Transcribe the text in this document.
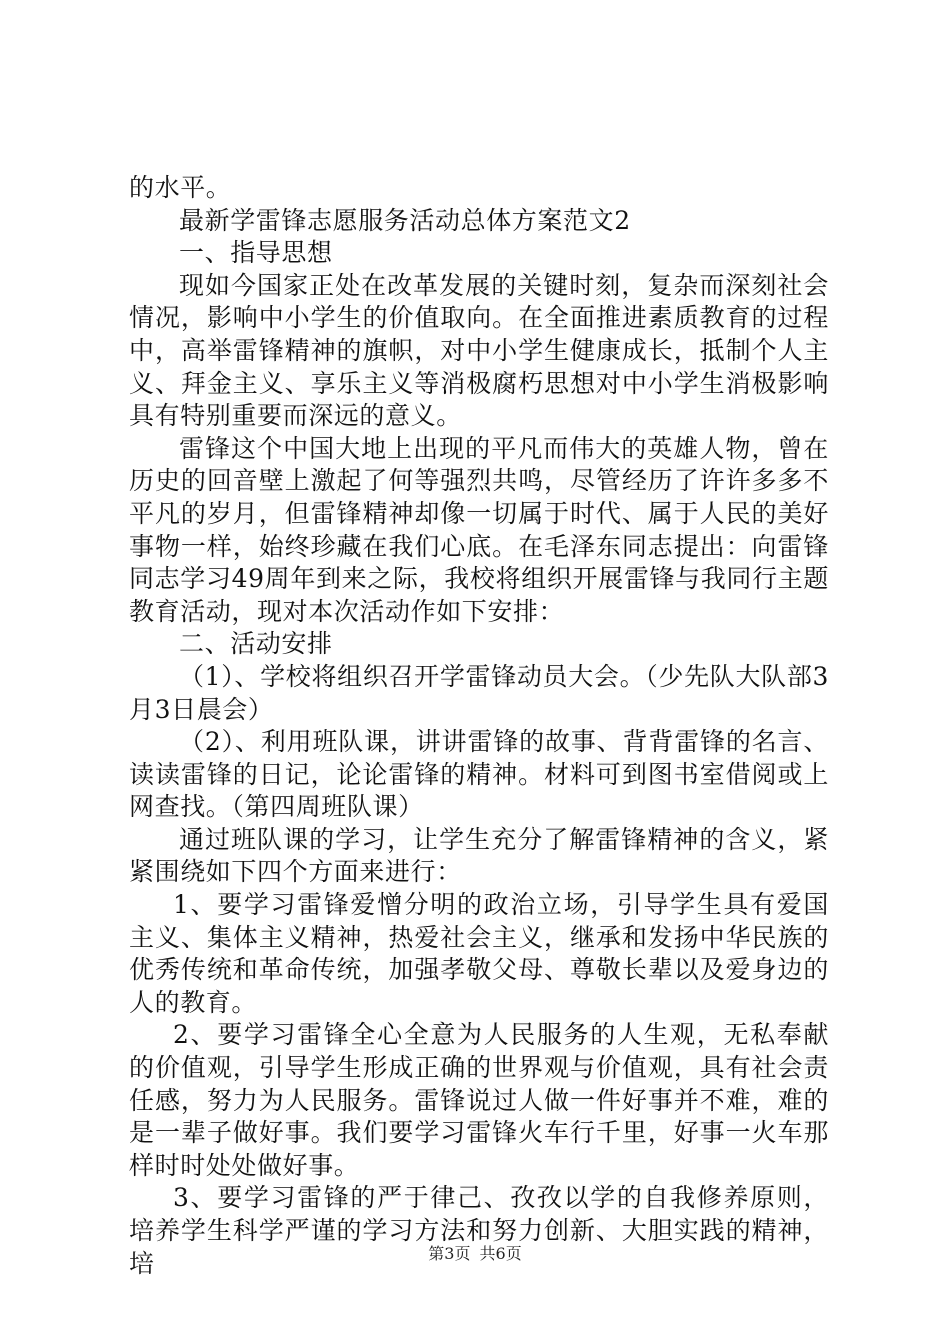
的水平。

最新学雷锋志愿服务活动总体方案范文2

一、指导思想

现如今国家正处在改革发展的关键时刻，复杂而深刻社会情况，影响中小学生的价值取向。在全面推进素质教育的过程中，高举雷锋精神的旗帜，对中小学生健康成长，抵制个人主义、拜金主义、享乐主义等消极腐朽思想对中小学生消极影响具有特别重要而深远的意义。

雷锋这个中国大地上出现的平凡而伟大的英雄人物，曾在历史的回音壁上激起了何等强烈共鸣，尽管经历了许许多多不平凡的岁月，但雷锋精神却像一切属于时代、属于人民的美好事物一样，始终珍藏在我们心底。在毛泽东同志提出：向雷锋同志学习49周年到来之际，我校将组织开展雷锋与我同行主题教育活动，现对本次活动作如下安排：

二、活动安排

（1）、学校将组织召开学雷锋动员大会。（少先队大队部3月3日晨会）

（2）、利用班队课，讲讲雷锋的故事、背背雷锋的名言、读读雷锋的日记，论论雷锋的精神。材料可到图书室借阅或上网查找。（第四周班队课）

通过班队课的学习，让学生充分了解雷锋精神的含义，紧紧围绕如下四个方面来进行：

1、要学习雷锋爱憎分明的政治立场，引导学生具有爱国主义、集体主义精神，热爱社会主义，继承和发扬中华民族的优秀传统和革命传统，加强孝敬父母、尊敬长辈以及爱身边的人的教育。

2、要学习雷锋全心全意为人民服务的人生观，无私奉献的价值观，引导学生形成正确的世界观与价值观，具有社会责任感，努力为人民服务。雷锋说过人做一件好事并不难，难的是一辈子做好事。我们要学习雷锋火车行千里，好事一火车那样时时处处做好事。

3、要学习雷锋的严于律己、孜孜以学的自我修养原则，培养学生科学严谨的学习方法和努力创新、大胆实践的精神，培	第3页 共6页
